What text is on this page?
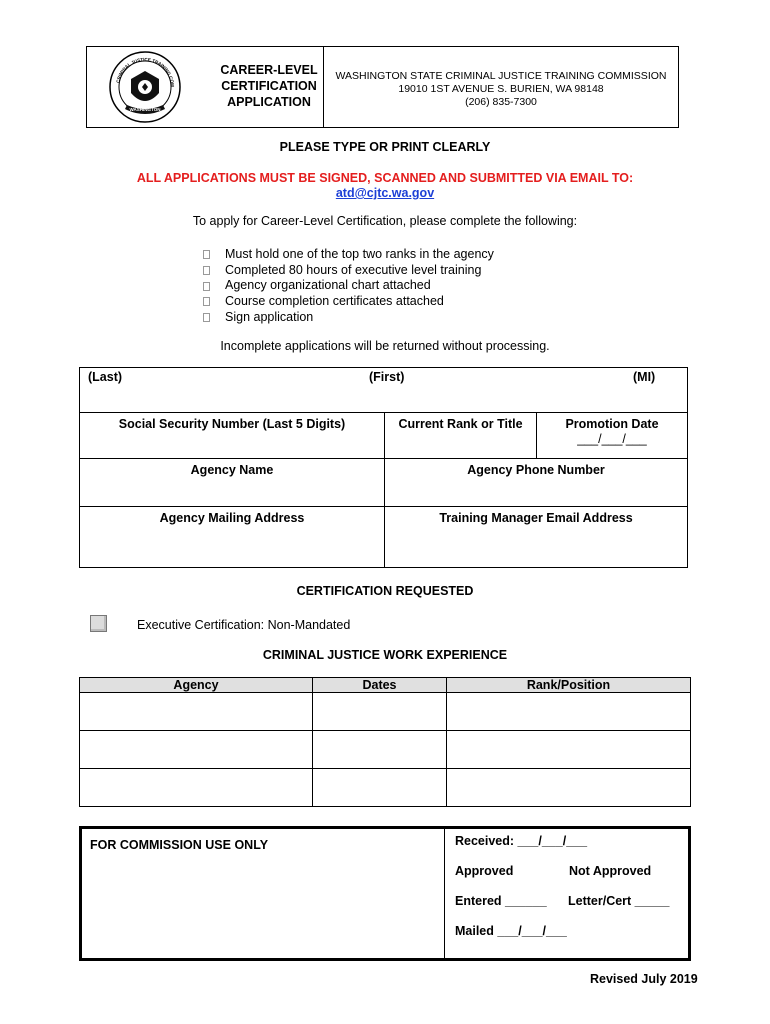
WASHINGTON
CRIMINAL JUSTICE TRAINING COM
CAREER-LEVEL
CERTIFICATION
APPLICATION
WASHINGTON STATE CRIMINAL JUSTICE TRAINING COMMISSION
19010 1ST AVENUE S. BURIEN, WA 98148
(206) 835-7300
PLEASE TYPE OR PRINT CLEARLY
ALL APPLICATIONS MUST BE SIGNED, SCANNED AND SUBMITTED VIA EMAIL TO:
atd@cjtc.wa.gov
To apply for Career-Level Certification, please complete the following:
Must hold one of the top two ranks in the agency
Completed 80 hours of executive level training
Agency organizational chart attached
Course completion certificates attached
Sign application
Incomplete applications will be returned without processing.
(Last) (First) (MI)		

Social Security Number (Last 5 Digits)	Current Rank or Title	Promotion Date
___/___/___

Agency Name	Agency Phone Number	

Agency Mailing Address	Training Manager Email Address	
CERTIFICATION REQUESTED
Executive Certification: Non-Mandated
CRIMINAL JUSTICE WORK EXPERIENCE
Agency	Dates	Rank/Position

FOR COMMISSION USE ONLY	Received: ___/___/___
Approved	Not Approved
Entered ______ Letter/Cert _____
Mailed ___/___/___
Revised July 2019
